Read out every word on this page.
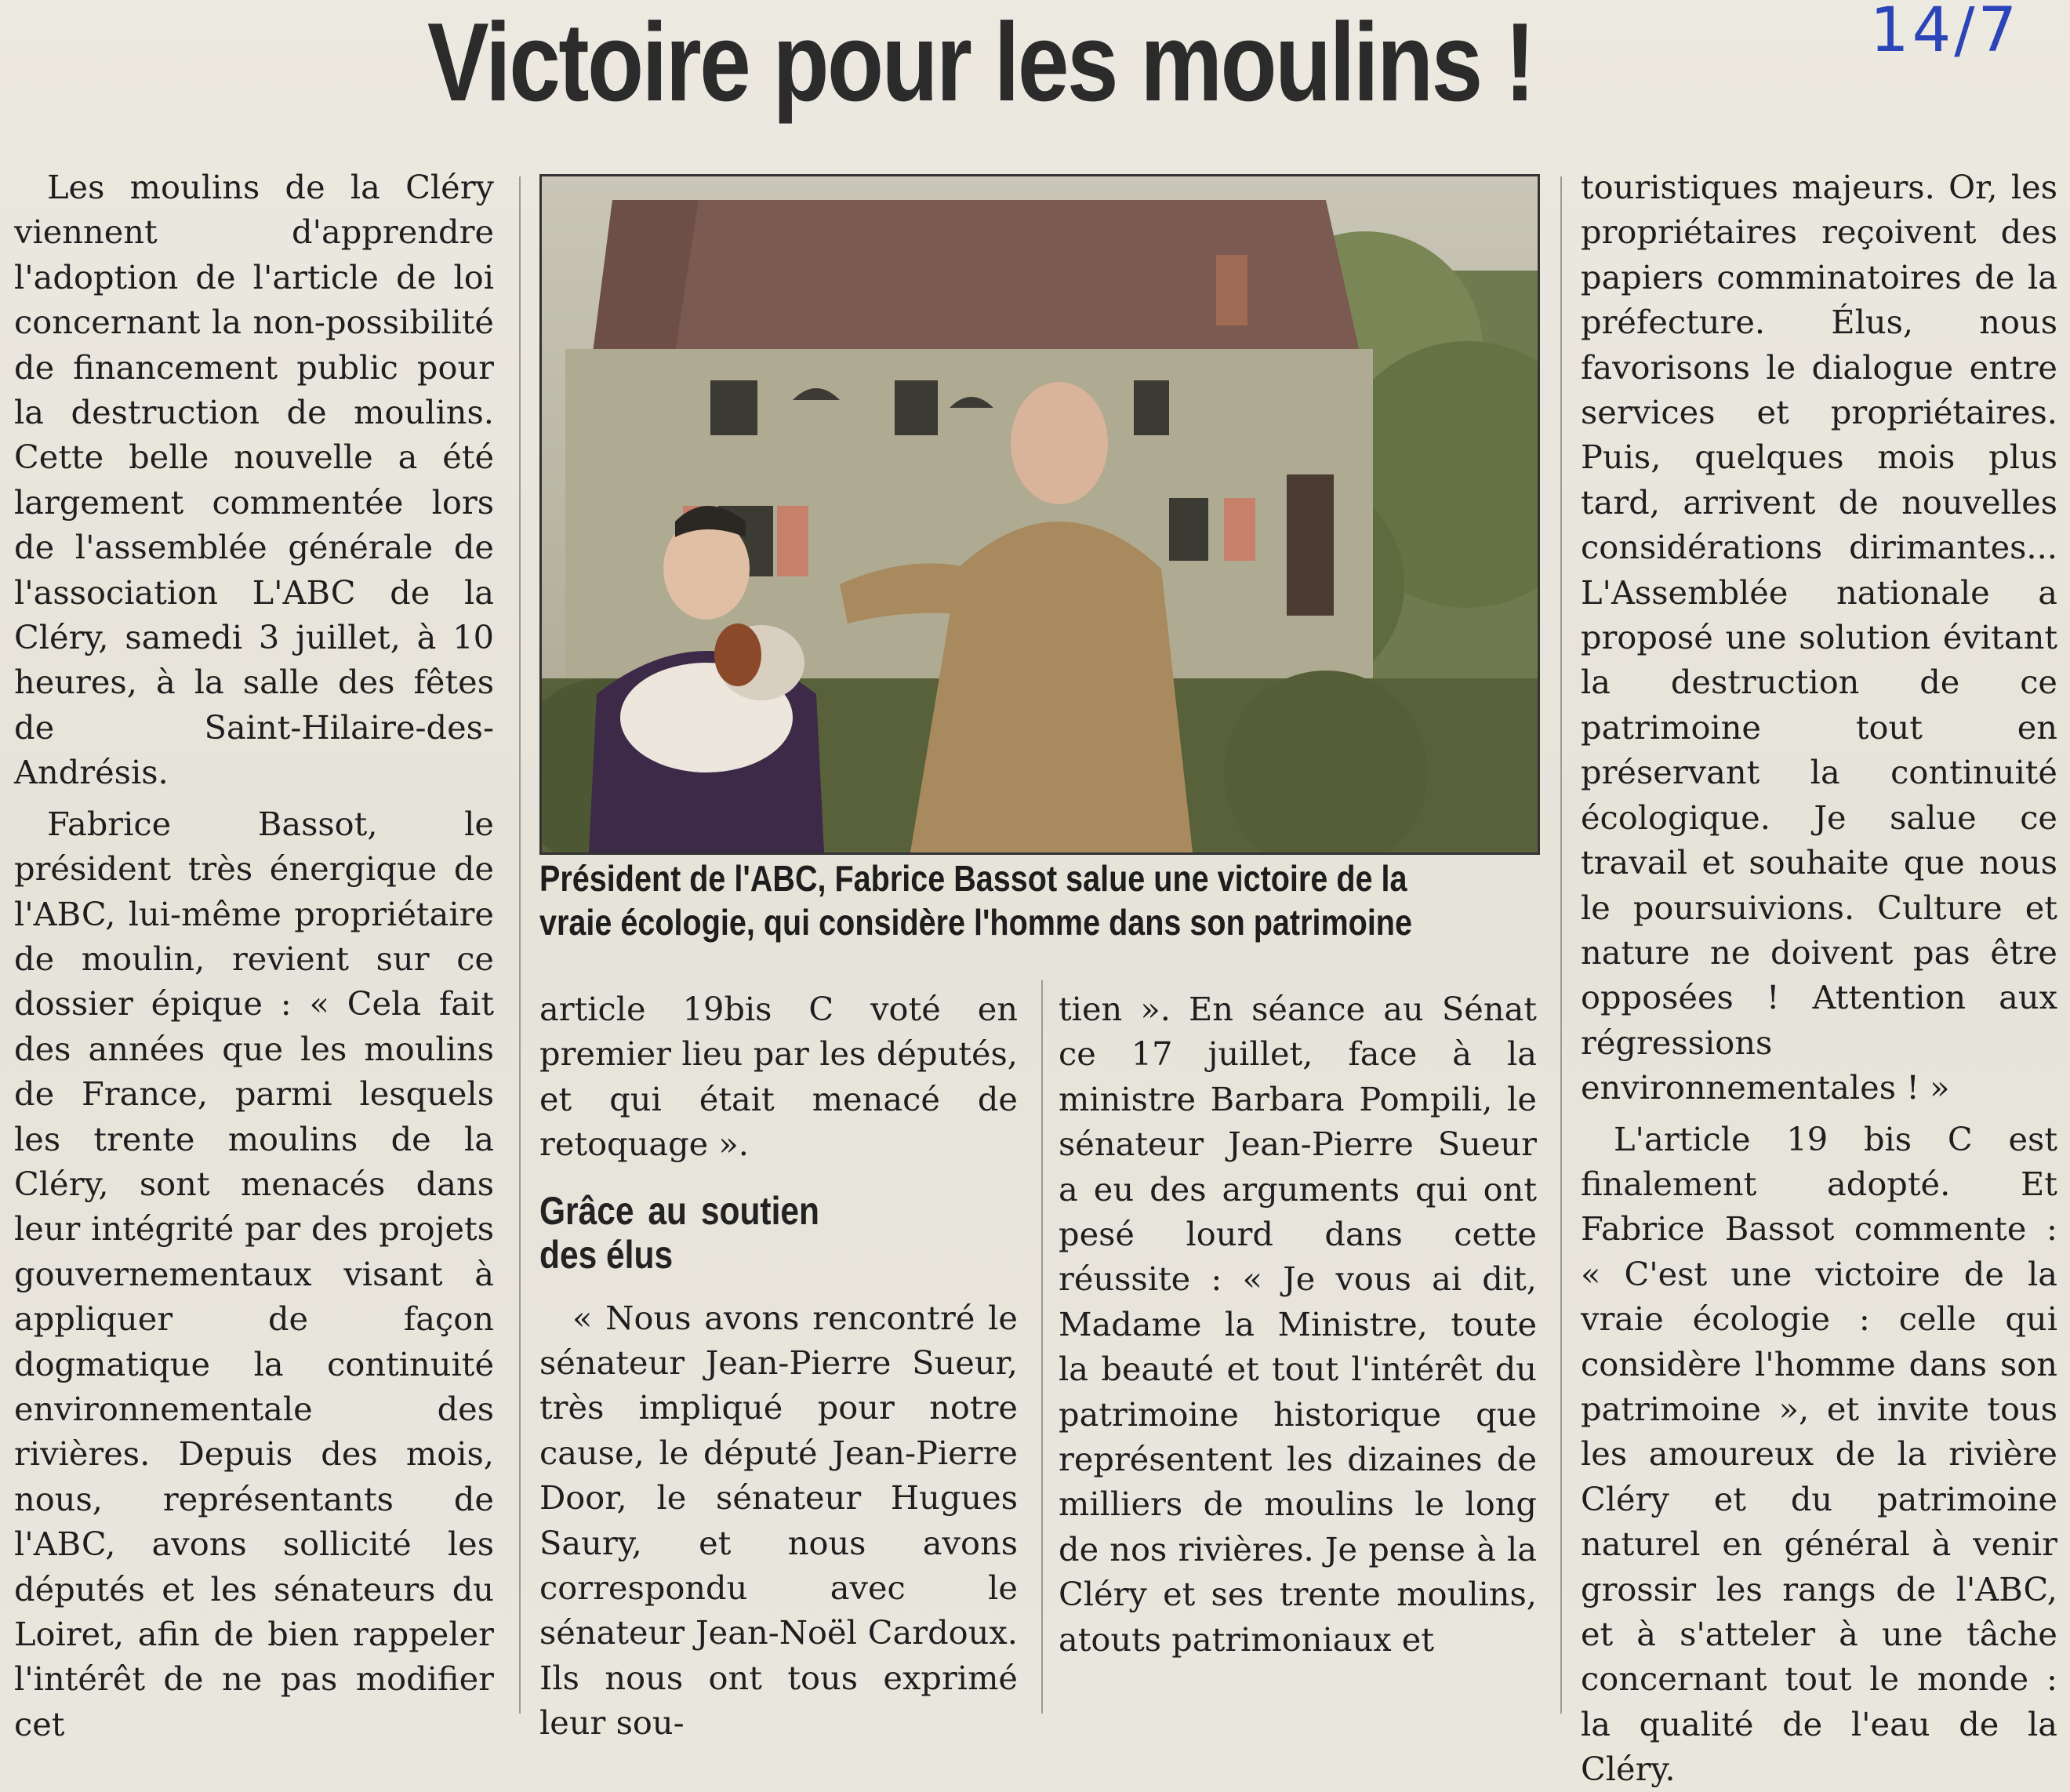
14/7
Victoire pour les moulins !

Les moulins de la Cléry viennent d'apprendre l'adoption de l'article de loi concernant la non-possibilité de financement public pour la destruction de moulins. Cette belle nouvelle a été largement commentée lors de l'assemblée générale de l'association L'ABC de la Cléry, samedi 3 juillet, à 10 heures, à la salle des fêtes de Saint-Hilaire-des-Andrésis.

Fabrice Bassot, le président très énergique de l'ABC, lui-même propriétaire de moulin, revient sur ce dossier épique : « Cela fait des années que les moulins de France, parmi lesquels les trente moulins de la Cléry, sont menacés dans leur intégrité par des projets gouvernementaux visant à appliquer de façon dogmatique la continuité environnementale des rivières. Depuis des mois, nous, représentants de l'ABC, avons sollicité les députés et les sénateurs du Loiret, afin de bien rappeler l'intérêt de ne pas modifier cet

Président de l'ABC, Fabrice Bassot salue une victoire de la vraie écologie, qui considère l'homme dans son patrimoine

article 19bis C voté en premier lieu par les députés, et qui était menacé de retoquage ».

Grâce au soutien des élus

« Nous avons rencontré le sénateur Jean-Pierre Sueur, très impliqué pour notre cause, le député Jean-Pierre Door, le sénateur Hugues Saury, et nous avons correspondu avec le sénateur Jean-Noël Cardoux. Ils nous ont tous exprimé leur sou-

tien ». En séance au Sénat ce 17 juillet, face à la ministre Barbara Pompili, le sénateur Jean-Pierre Sueur a eu des arguments qui ont pesé lourd dans cette réussite : « Je vous ai dit, Madame la Ministre, toute la beauté et tout l'intérêt du patrimoine historique que représentent les dizaines de milliers de moulins le long de nos rivières. Je pense à la Cléry et ses trente moulins, atouts patrimoniaux et

touristiques majeurs. Or, les propriétaires reçoivent des papiers comminatoires de la préfecture. Élus, nous favorisons le dialogue entre services et propriétaires. Puis, quelques mois plus tard, arrivent de nouvelles considérations dirimantes... L'Assemblée nationale a proposé une solution évitant la destruction de ce patrimoine tout en préservant la continuité écologique. Je salue ce travail et souhaite que nous le poursuivions. Culture et nature ne doivent pas être opposées ! Attention aux régressions environnementales ! »

L'article 19 bis C est finalement adopté. Et Fabrice Bassot commente : « C'est une victoire de la vraie écologie : celle qui considère l'homme dans son patrimoine », et invite tous les amoureux de la rivière Cléry et du patrimoine naturel en général à venir grossir les rangs de l'ABC, et à s'atteler à une tâche concernant tout le monde : la qualité de l'eau de la Cléry.
